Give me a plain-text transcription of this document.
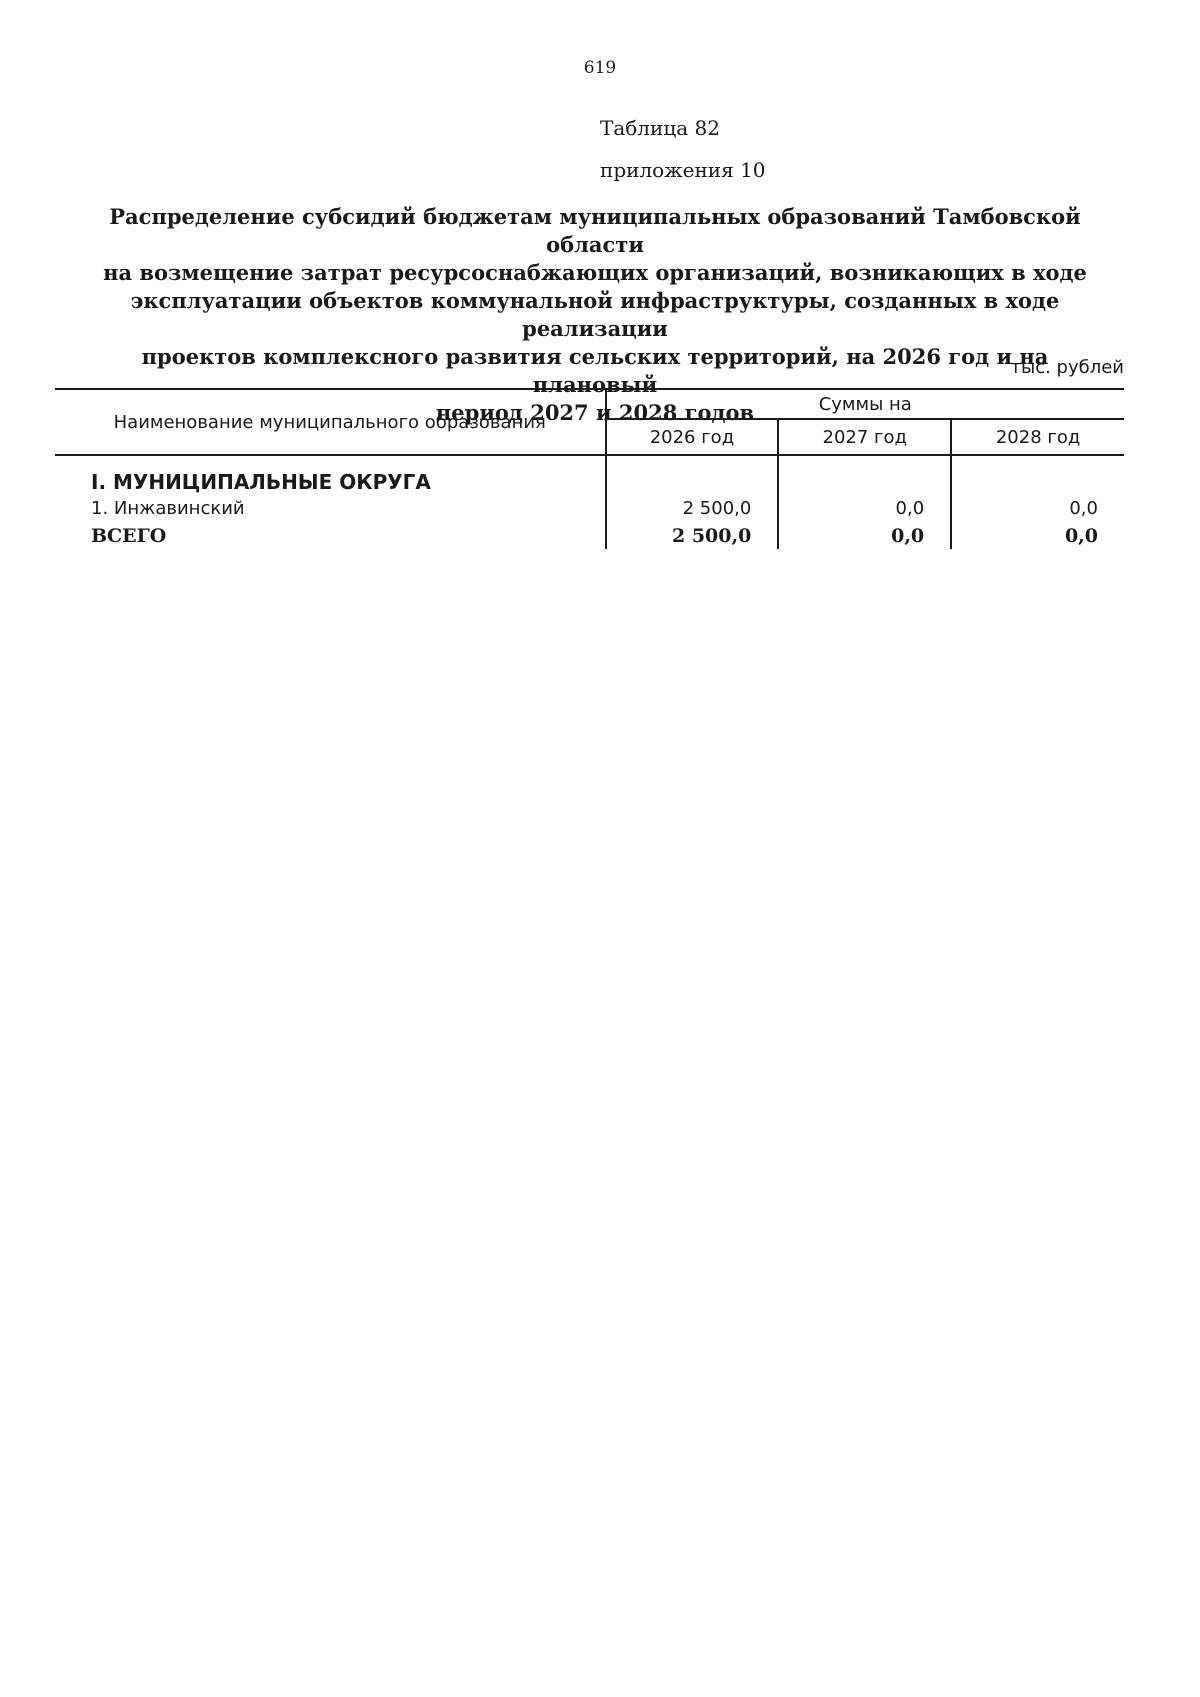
619
Таблица 82
приложения 10
Распределение субсидий бюджетам муниципальных образований Тамбовской области
на возмещение затрат ресурсоснабжающих организаций, возникающих в ходе
эксплуатации объектов коммунальной инфраструктуры, созданных в ходе реализации
проектов комплексного развития сельских территорий, на 2026 год и на плановый
период 2027 и 2028 годов
тыс. рублей
Наименование муниципального образования	Суммы на		
	2026 год	2027 год	2028 год
I. МУНИЦИПАЛЬНЫЕ ОКРУГА			
1. Инжавинский	2 500,0	0,0	0,0
ВСЕГО	2 500,0	0,0	0,0
